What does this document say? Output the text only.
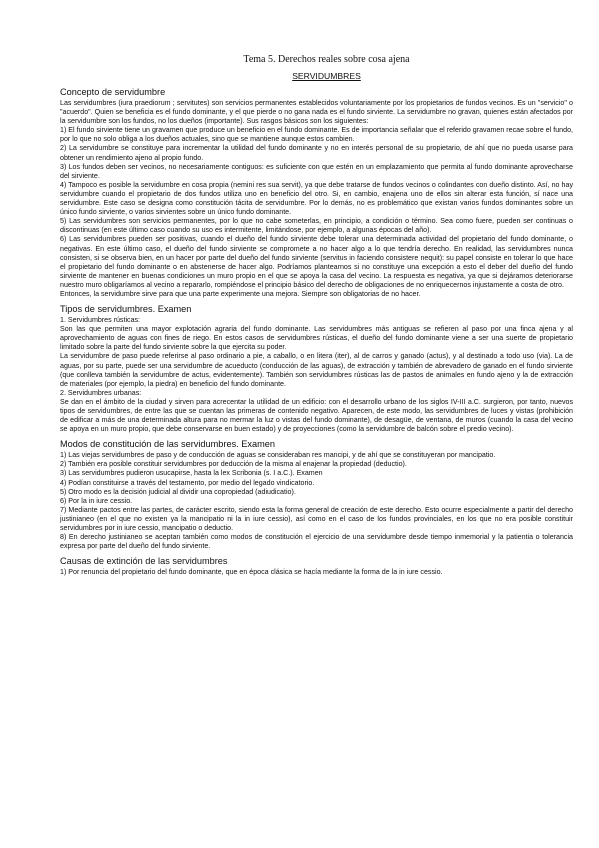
Tema 5. Derechos reales sobre cosa ajena
SERVIDUMBRES
Concepto de servidumbre

Las servidumbres (iura praediorum ; servitutes) son servicios permanentes establecidos voluntariamente por los propietarios de fundos vecinos. Es un "servicio" o "acuerdo". Quien se beneficia es el fundo dominante, y el que pierde o no gana nada es el fundo sirviente. La servidumbre no gravan, quienes están afectados por la servidumbre son los fundos, no los dueños (importante). Sus rasgos básicos son los siguientes:

1) El fundo sirviente tiene un gravamen que produce un beneficio en el fundo dominante. Es de importancia señalar que el referido gravamen recae sobre el fundo, por lo que no solo obliga a los dueños actuales, sino que se mantiene aunque estos cambien.

2) La servidumbre se constituye para incrementar la utilidad del fundo dominante y no en interés personal de su propietario, de ahí que no pueda usarse para obtener un rendimiento ajeno al propio fundo.

3) Los fundos deben ser vecinos, no necesariamente contiguos: es suficiente con que estén en un emplazamiento que permita al fundo dominante aprovecharse del sirviente.

4) Tampoco es posible la servidumbre en cosa propia (nemini res sua servit), ya que debe tratarse de fundos vecinos o colindantes con dueño distinto. Así, no hay servidumbre cuando el propietario de dos fundos utiliza uno en beneficio del otro. Si, en cambio, enajena uno de ellos sin alterar esta función, sí nace una servidumbre. Este caso se designa como constitución tácita de servidumbre. Por lo demás, no es problemático que existan varios fundos dominantes sobre un único fundo sirviente, o varios sirvientes sobre un único fundo dominante.

5) Las servidumbres son servicios permanentes, por lo que no cabe someterlas, en principio, a condición o término. Sea como fuere, pueden ser continuas o discontinuas (en este último caso cuando su uso es intermitente, limitándose, por ejemplo, a algunas épocas del año).

6) Las servidumbres pueden ser positivas, cuando el dueño del fundo sirviente debe tolerar una determinada actividad del propietario del fundo dominante, o negativas. En este último caso, el dueño del fundo sirviente se compromete a no hacer algo a lo que tendría derecho. En realidad, las servidumbres nunca consisten, si se observa bien, en un hacer por parte del dueño del fundo sirviente (servitus in faciendo consistere nequit): su papel consiste en tolerar lo que hace el propietario del fundo dominante o en abstenerse de hacer algo. Podríamos plantearnos si no constituye una excepción a esto el deber del dueño del fundo sirviente de mantener en buenas condiciones un muro propio en el que se apoya la casa del vecino. La respuesta es negativa, ya que si dejáramos deteriorarse nuestro muro obligaríamos al vecino a repararlo, rompiéndose el principio básico del derecho de obligaciones de no enriquecernos injustamente a costa de otro.

Entonces, la servidumbre sirve para que una parte experimente una mejora. Siempre son obligatorias de no hacer.

Tipos de servidumbres. Examen

1. Servidumbres rústicas:

Son las que permiten una mayor explotación agraria del fundo dominante. Las servidumbres más antiguas se refieren al paso por una finca ajena y al aprovechamiento de aguas con fines de riego. En estos casos de servidumbres rústicas, el dueño del fundo dominante viene a ser una suerte de propietario limitado sobre la parte del fundo sirviente sobre la que ejercita su poder.

La servidumbre de paso puede referirse al paso ordinario a pie, a caballo, o en litera (iter), al de carros y ganado (actus), y al destinado a todo uso (via). La de aguas, por su parte, puede ser una servidumbre de acueducto (conducción de las aguas), de extracción y también de abrevadero de ganado en el fundo sirviente (que conlleva también la servidumbre de actus, evidentemente). También son servidumbres rústicas las de pastos de animales en fundo ajeno y la de extracción de materiales (por ejemplo, la piedra) en beneficio del fundo dominante.

2. Servidumbres urbanas:

Se dan en el ámbito de la ciudad y sirven para acrecentar la utilidad de un edificio: con el desarrollo urbano de los siglos IV-III a.C. surgieron, por tanto, nuevos tipos de servidumbres, de entre las que se cuentan las primeras de contenido negativo. Aparecen, de este modo, las servidumbres de luces y vistas (prohibición de edificar a más de una determinada altura para no mermar la luz o vistas del fundo dominante), de desagüe, de ventana, de muros (cuando la casa del vecino se apoya en un muro propio, que debe conservarse en buen estado) y de proyecciones (como la servidumbre de balcón sobre el predio vecino).

Modos de constitución de las servidumbres. Examen

1) Las viejas servidumbres de paso y de conducción de aguas se consideraban res mancipi, y de ahí que se constituyeran por mancipatio.

2) También era posible constituir servidumbres por deducción de la misma al enajenar la propiedad (deductio).

3) Las servidumbres pudieron usucapirse, hasta la lex Scribonia (s. I a.C.). Examen

4) Podían constituirse a través del testamento, por medio del legado vindicatorio.

5) Otro modo es la decisión judicial al dividir una copropiedad (adiudicatio).

6) Por la in iure cessio.

7) Mediante pactos entre las partes, de carácter escrito, siendo esta la forma general de creación de este derecho. Esto ocurre especialmente a partir del derecho justinianeo (en el que no existen ya la mancipatio ni la in iure cessio), así como en el caso de los fundos provinciales, en los que no era posible constituir servidumbres por in iure cessio, mancipatio o deductio.

8) En derecho justinianeo se aceptan también como modos de constitución el ejercicio de una servidumbre desde tiempo inmemorial y la patientia o tolerancia expresa por parte del dueño del fundo sirviente.

Causas de extinción de las servidumbres

1) Por renuncia del propietario del fundo dominante, que en época clásica se hacía mediante la forma de la in iure cessio.
